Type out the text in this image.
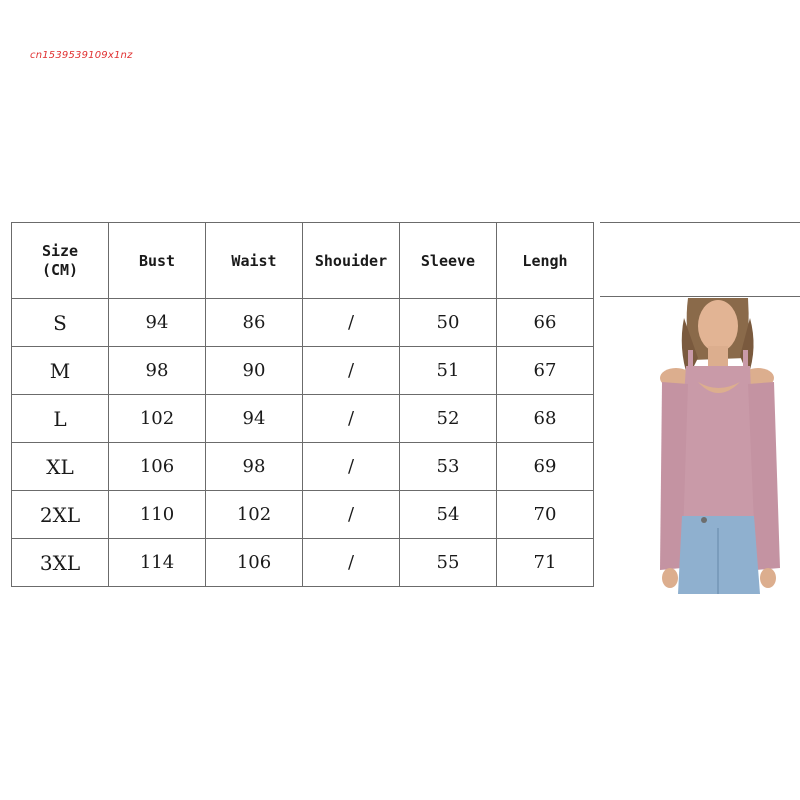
cn1539539109x1nz
Size
(CM)	Bust	Waist	Shouider	Sleeve	Lengh
S	94	86	/	50	66
M	98	90	/	51	67
L	102	94	/	52	68
XL	106	98	/	53	69
2XL	110	102	/	54	70
3XL	114	106	/	55	71
